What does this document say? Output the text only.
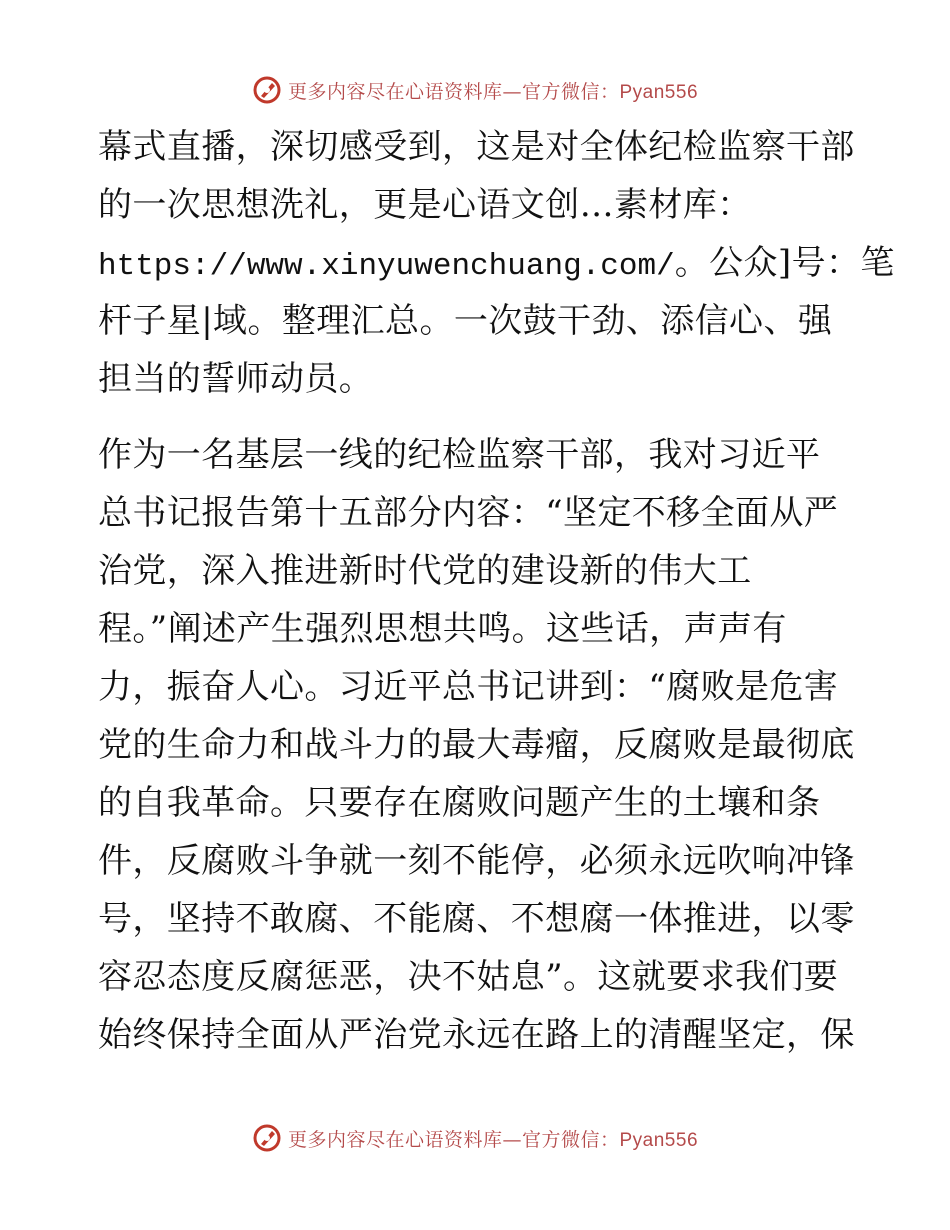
更多内容尽在心语资料库—官方微信：Pyan556
幕式直播，深切感受到，这是对全体纪检监察干部
的一次思想洗礼，更是心语文创…素材库：
https://www.xinyuwenchuang.com/。公众]号：笔
杆子星|域。整理汇总。一次鼓干劲、添信心、强
担当的誓师动员。
作为一名基层一线的纪检监察干部，我对习近平
总书记报告第十五部分内容：“坚定不移全面从严
治党，深入推进新时代党的建设新的伟大工
程。”阐述产生强烈思想共鸣。这些话，声声有
力，振奋人心。习近平总书记讲到：“腐败是危害
党的生命力和战斗力的最大毒瘤，反腐败是最彻底
的自我革命。只要存在腐败问题产生的土壤和条
件，反腐败斗争就一刻不能停，必须永远吹响冲锋
号，坚持不敢腐、不能腐、不想腐一体推进，以零
容忍态度反腐惩恶，决不姑息”。这就要求我们要
始终保持全面从严治党永远在路上的清醒坚定，保
更多内容尽在心语资料库—官方微信：Pyan556
